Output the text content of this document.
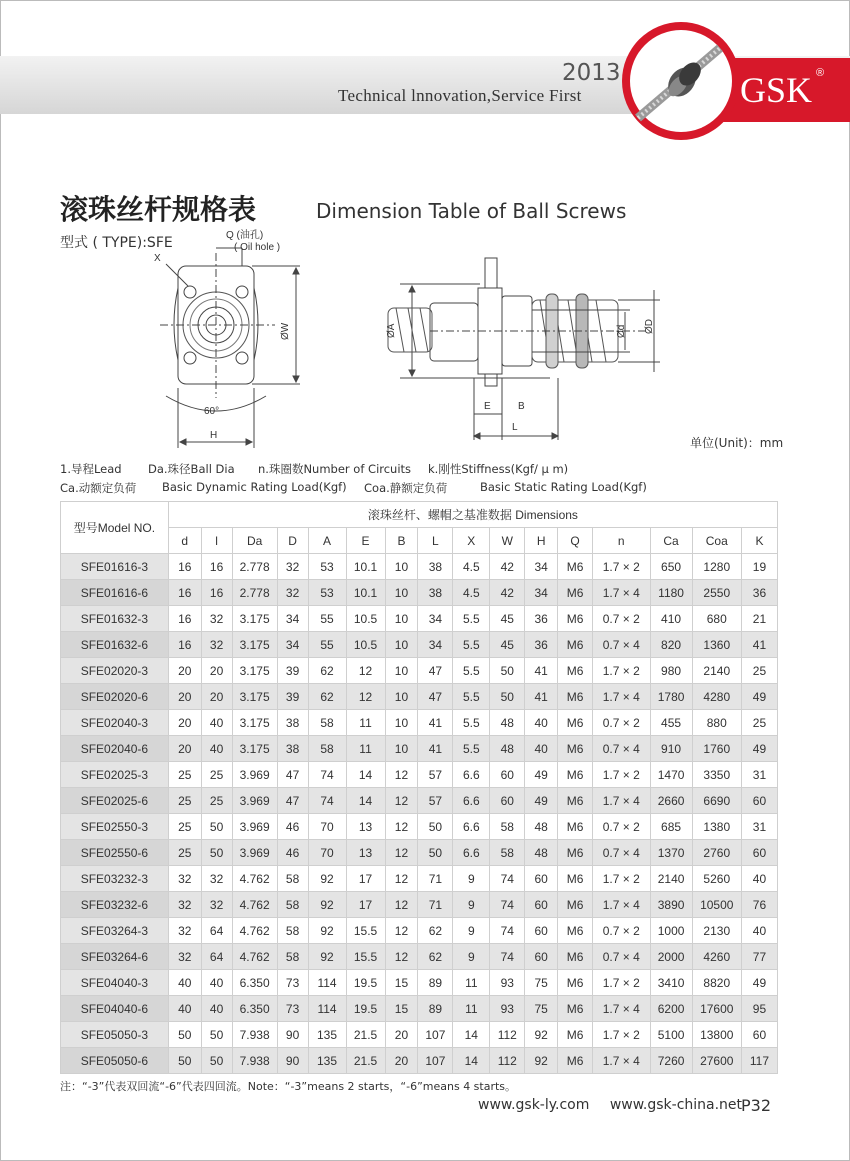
2013
Technical lnnovation,Service First	GSK ®
滚珠丝杆规格表	Dimension Table of Ball Screws
型式 ( TYPE):SFE	Q (油孔)
( Oil hole )
X
ØW
60°
H
ØA	Ød ØD
E	B
L
单位(Unit)：mm
1.导程Lead Da.珠径Ball Dia n.珠圈数Number of Circuits k.刚性Stiffness(Kgf/ μ m)
Ca.动额定负荷 Basic Dynamic Rating Load(Kgf) Coa.静额定负荷	Basic Static Rating Load(Kgf)
型号Model NO.	滚珠丝杆、螺帽之基准数据 Dimensions															
	d	l	Da	D	A	E	B	L	X	W	H	Q	n	Ca	Coa	K
SFE01616-3	16	16	2.778	32	53	10.1	10	38	4.5	42	34	M6	1.7 × 2	650	1280	19
SFE01616-6	16	16	2.778	32	53	10.1	10	38	4.5	42	34	M6	1.7 × 4	1180	2550	36
SFE01632-3	16	32	3.175	34	55	10.5	10	34	5.5	45	36	M6	0.7 × 2	410	680	21
SFE01632-6	16	32	3.175	34	55	10.5	10	34	5.5	45	36	M6	0.7 × 4	820	1360	41
SFE02020-3	20	20	3.175	39	62	12	10	47	5.5	50	41	M6	1.7 × 2	980	2140	25
SFE02020-6	20	20	3.175	39	62	12	10	47	5.5	50	41	M6	1.7 × 4	1780	4280	49
SFE02040-3	20	40	3.175	38	58	11	10	41	5.5	48	40	M6	0.7 × 2	455	880	25
SFE02040-6	20	40	3.175	38	58	11	10	41	5.5	48	40	M6	0.7 × 4	910	1760	49
SFE02025-3	25	25	3.969	47	74	14	12	57	6.6	60	49	M6	1.7 × 2	1470	3350	31
SFE02025-6	25	25	3.969	47	74	14	12	57	6.6	60	49	M6	1.7 × 4	2660	6690	60
SFE02550-3	25	50	3.969	46	70	13	12	50	6.6	58	48	M6	0.7 × 2	685	1380	31
SFE02550-6	25	50	3.969	46	70	13	12	50	6.6	58	48	M6	0.7 × 4	1370	2760	60
SFE03232-3	32	32	4.762	58	92	17	12	71	9	74	60	M6	1.7 × 2	2140	5260	40
SFE03232-6	32	32	4.762	58	92	17	12	71	9	74	60	M6	1.7 × 4	3890	10500	76
SFE03264-3	32	64	4.762	58	92	15.5	12	62	9	74	60	M6	0.7 × 2	1000	2130	40
SFE03264-6	32	64	4.762	58	92	15.5	12	62	9	74	60	M6	0.7 × 4	2000	4260	77
SFE04040-3	40	40	6.350	73	114	19.5	15	89	11	93	75	M6	1.7 × 2	3410	8820	49
SFE04040-6	40	40	6.350	73	114	19.5	15	89	11	93	75	M6	1.7 × 4	6200	17600	95
SFE05050-3	50	50	7.938	90	135	21.5	20	107	14	112	92	M6	1.7 × 2	5100	13800	60
SFE05050-6	50	50	7.938	90	135	21.5	20	107	14	112	92	M6	1.7 × 4	7260	27600	117
注：“-3”代表双回流“-6”代表四回流。Note：“-3”means 2 starts，“-6”means 4 starts。
www.gsk-ly.com www.gsk-china.net
P32
